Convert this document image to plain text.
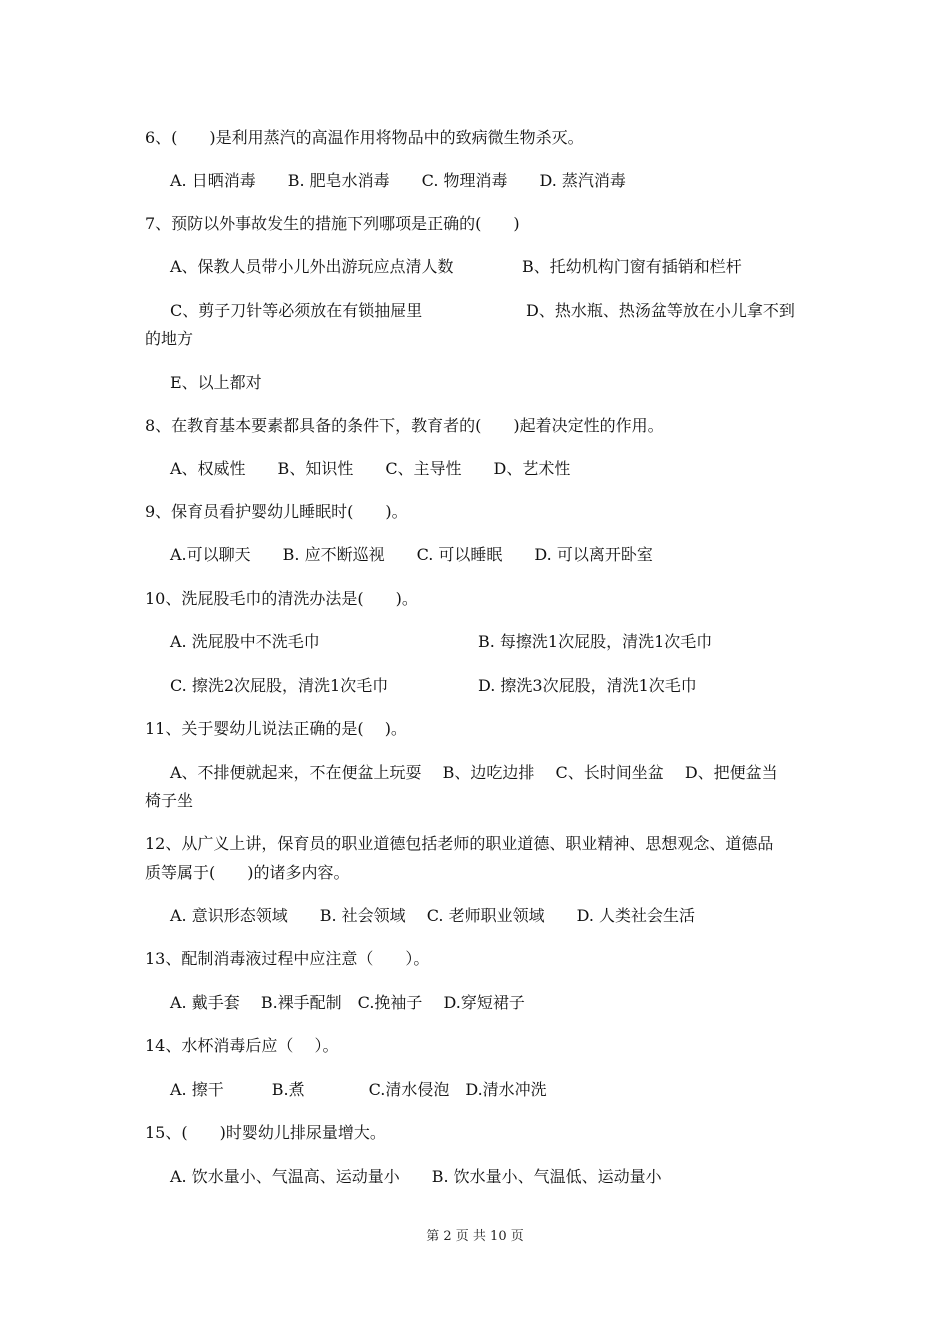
6、(　　)是利用蒸汽的高温作用将物品中的致病微生物杀灭。
A. 日晒消毒　　B. 肥皂水消毒　　C. 物理消毒　　D. 蒸汽消毒
7、预防以外事故发生的措施下列哪项是正确的(　　)
A、保教人员带小儿外出游玩应点清人数	B、托幼机构门窗有插销和栏杆
C、剪子刀针等必须放在有锁抽屉里	D、热水瓶、热汤盆等放在小儿拿不到
的地方
E、以上都对
8、在教育基本要素都具备的条件下，教育者的(　　)起着决定性的作用。
A、权威性　　B、知识性　　C、主导性　　D、艺术性
9、保育员看护婴幼儿睡眠时(　　)。
A.可以聊天　　B. 应不断巡视　　C. 可以睡眠　　D. 可以离开卧室
10、洗屁股毛巾的清洗办法是(　　)。
A. 洗屁股中不洗毛巾	B. 每擦洗1次屁股，清洗1次毛巾
C. 擦洗2次屁股，清洗1次毛巾	D. 擦洗3次屁股，清洗1次毛巾
11、关于婴幼儿说法正确的是(　 )。
A、不排便就起来，不在便盆上玩耍　 B、边吃边排　 C、长时间坐盆　 D、把便盆当
椅子坐
12、从广义上讲，保育员的职业道德包括老师的职业道德、职业精神、思想观念、道德品
质等属于(　　)的诸多内容。
A. 意识形态领域　　B. 社会领域　 C. 老师职业领域　　D. 人类社会生活
13、配制消毒液过程中应注意（　　）。
A. 戴手套　 B.裸手配制　C.挽袖子　 D.穿短裙子
14、水杯消毒后应（　 ）。
A. 擦干　　　B.煮　　　　C.清水侵泡　D.清水冲洗
15、(　　)时婴幼儿排尿量增大。
A. 饮水量小、气温高、运动量小　　B. 饮水量小、气温低、运动量小
第 2 页 共 10 页
